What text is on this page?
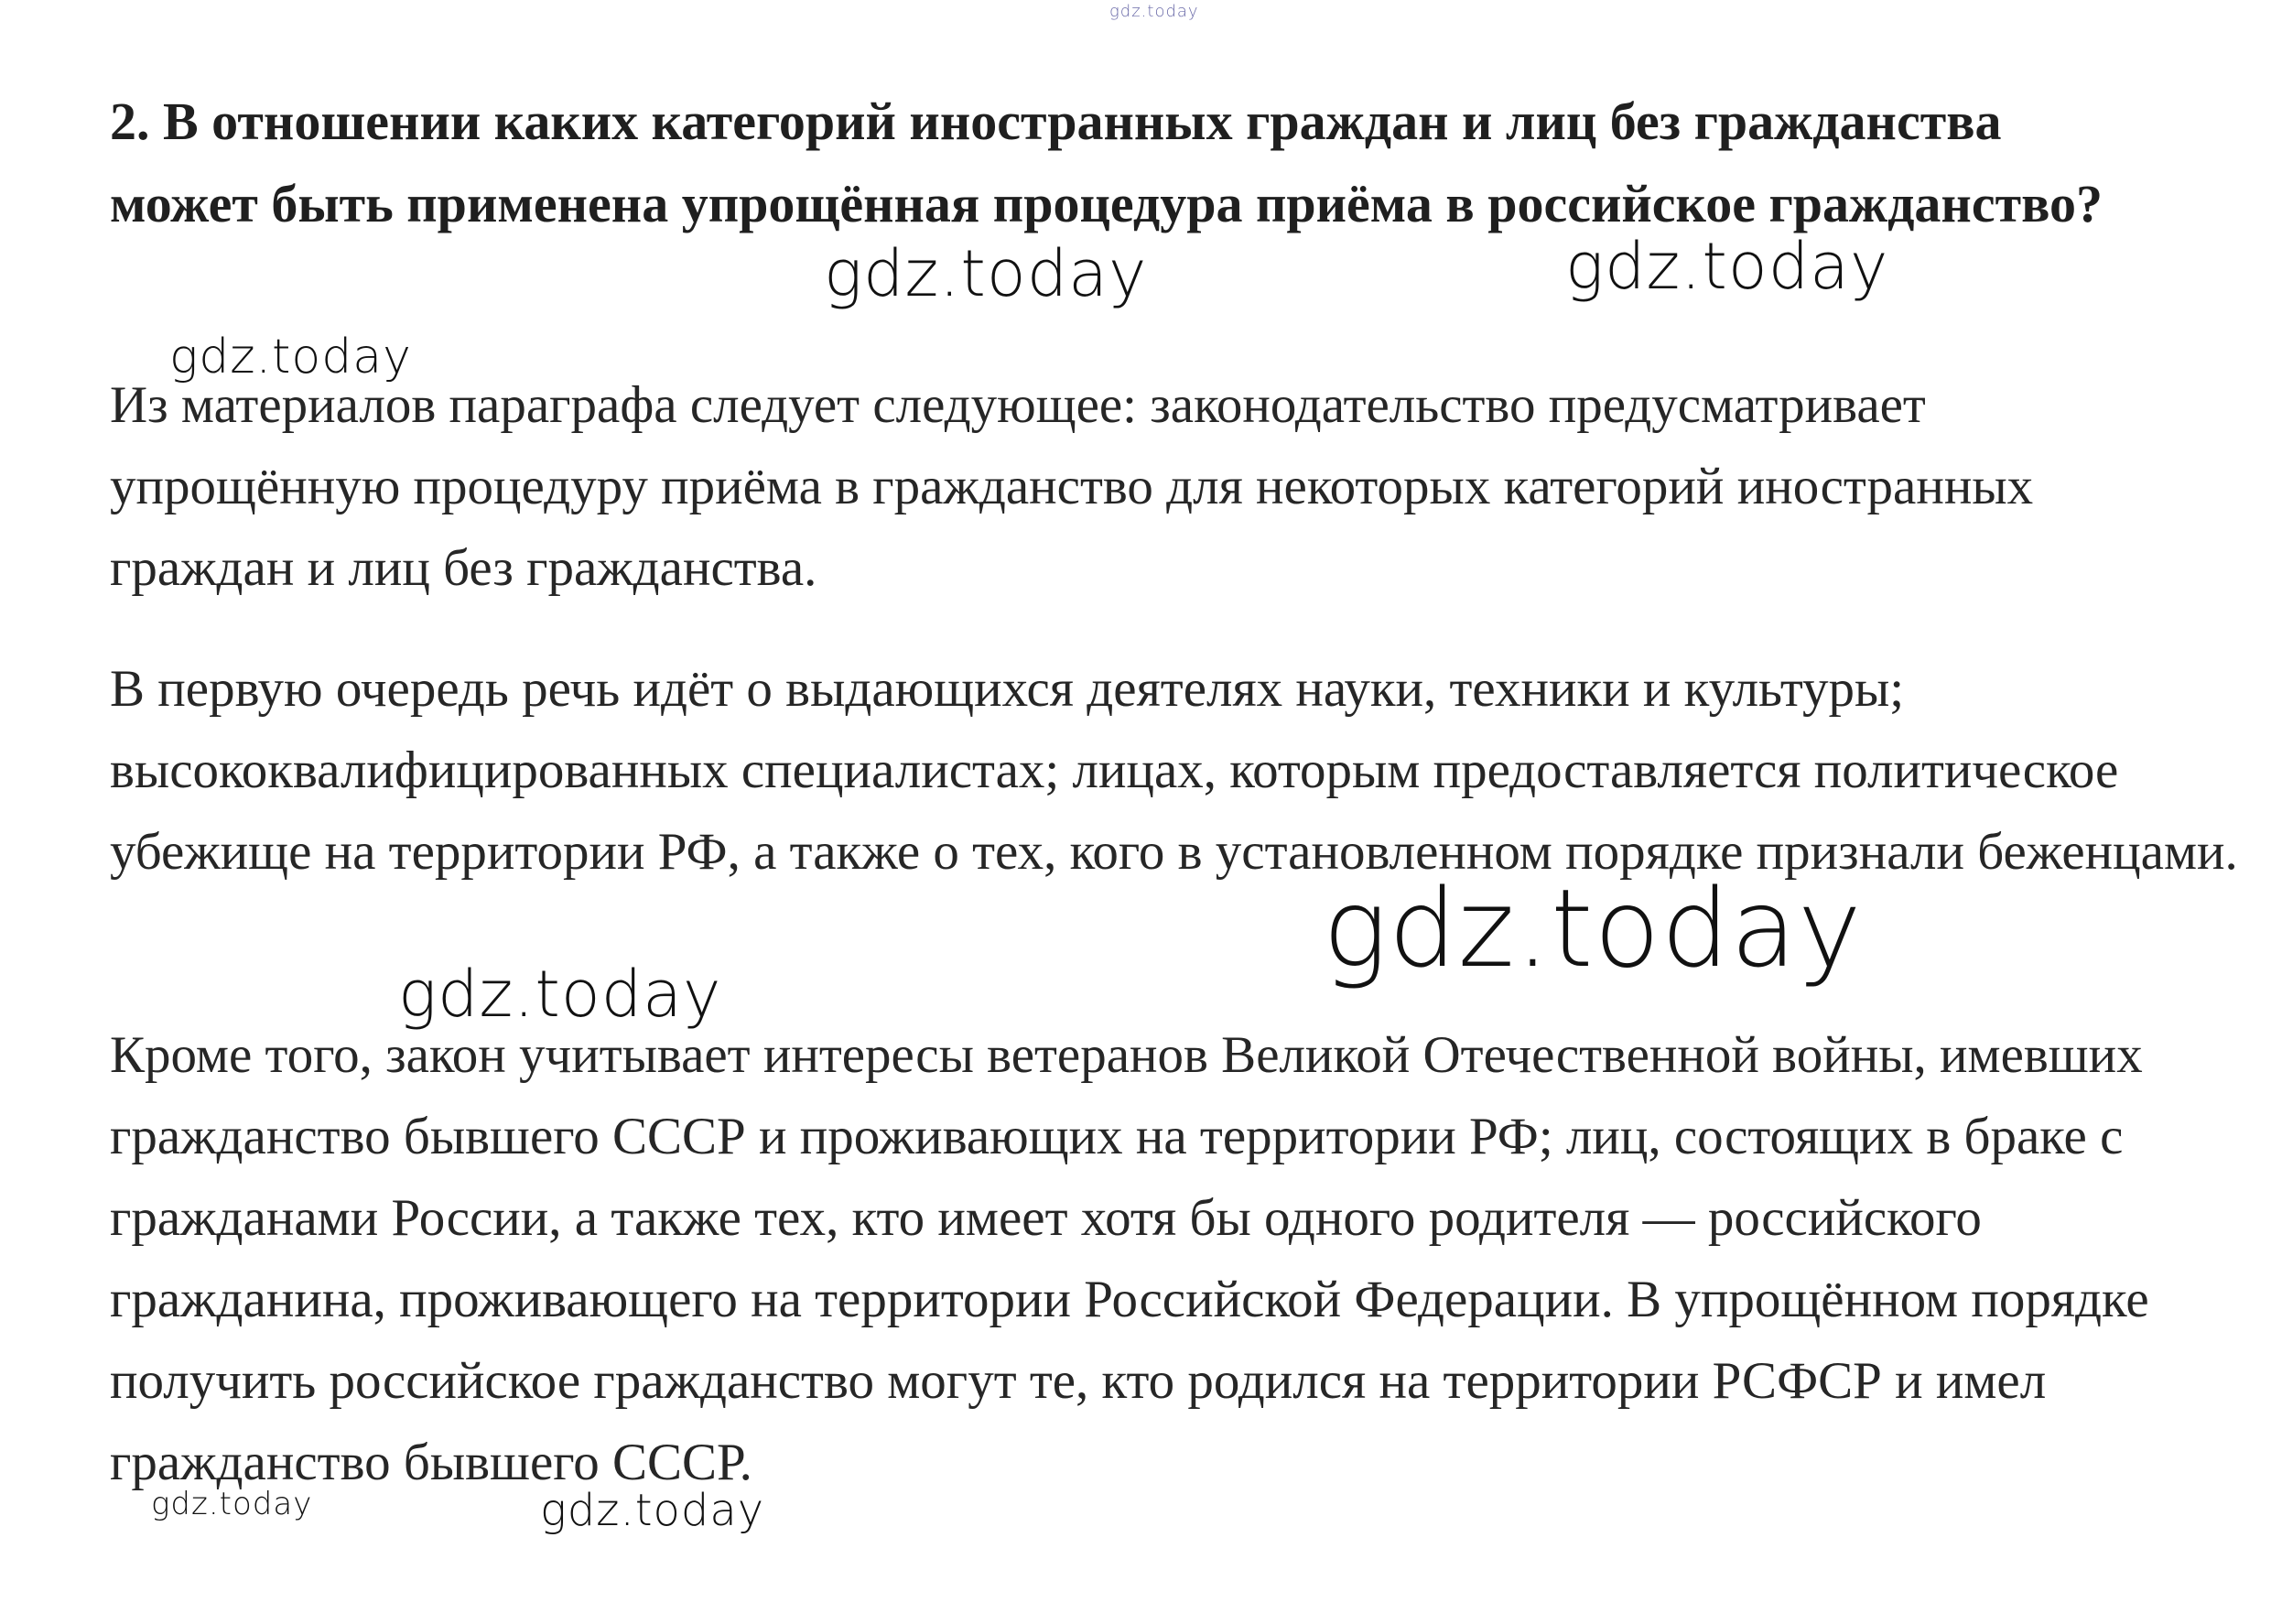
gdz.today

2. В отношении каких категорий иностранных граждан и лиц без гражданства может быть применена упрощённая процедура приёма в российское гражданство?

Из материалов параграфа следует следующее: законодательство предусматривает упрощённую процедуру приёма в гражданство для некоторых категорий иностранных граждан и лиц без гражданства.

В первую очередь речь идёт о выдающихся деятелях науки, техники и культуры; высококвалифицированных специалистах; лицах, которым предоставляется политическое убежище на территории РФ, а также о тех, кого в установленном порядке признали беженцами.

Кроме того, закон учитывает интересы ветеранов Великой Отечественной войны, имевших гражданство бывшего СССР и проживающих на территории РФ; лиц, состоящих в браке с гражданами России, а также тех, кто имеет хотя бы одного родителя — российского гражданина, проживающего на территории Российской Федерации. В упрощённом порядке получить российское гражданство могут те, кто родился на территории РСФСР и имел гражданство бывшего СССР.

gdz.today	gdz.today
gdz.today
gdz.today
gdz.today
gdz.today	gdz.today
